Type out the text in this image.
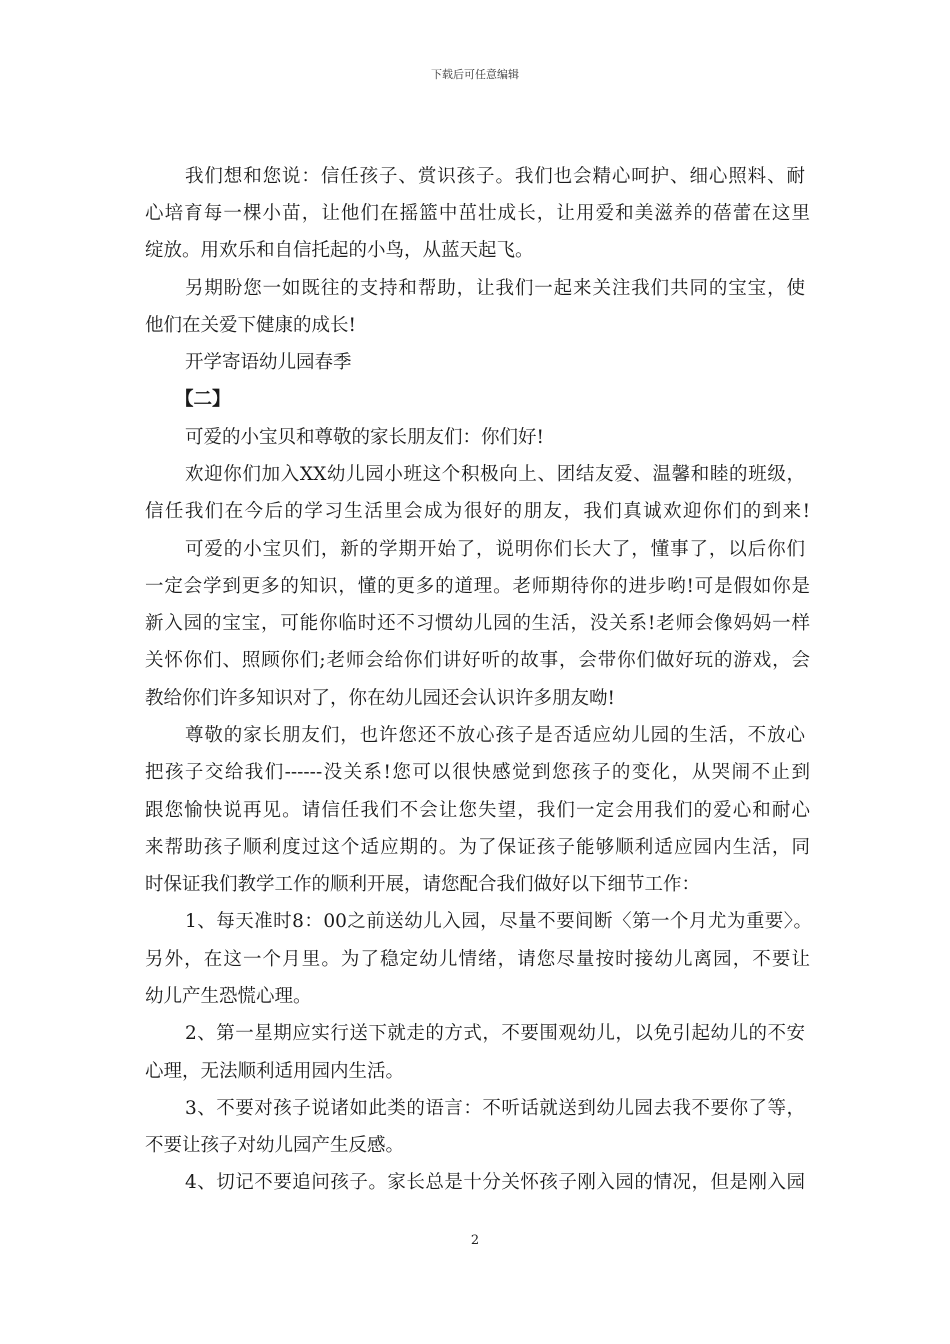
下载后可任意编辑
我们想和您说：信任孩子、赏识孩子。我们也会精心呵护、细心照料、耐
心培育每一棵小苗，让他们在摇篮中茁壮成长，让用爱和美滋养的蓓蕾在这里
绽放。用欢乐和自信托起的小鸟，从蓝天起飞。
另期盼您一如既往的支持和帮助，让我们一起来关注我们共同的宝宝，使
他们在关爱下健康的成长!
开学寄语幼儿园春季
【二】
可爱的小宝贝和尊敬的家长朋友们：你们好!
欢迎你们加入XX幼儿园小班这个积极向上、团结友爱、温馨和睦的班级，
信任我们在今后的学习生活里会成为很好的朋友，我们真诚欢迎你们的到来!
可爱的小宝贝们，新的学期开始了，说明你们长大了，懂事了，以后你们
一定会学到更多的知识，懂的更多的道理。老师期待你的进步哟!可是假如你是
新入园的宝宝，可能你临时还不习惯幼儿园的生活，没关系!老师会像妈妈一样
关怀你们、照顾你们;老师会给你们讲好听的故事，会带你们做好玩的游戏，会
教给你们许多知识对了，你在幼儿园还会认识许多朋友呦!
尊敬的家长朋友们，也许您还不放心孩子是否适应幼儿园的生活，不放心
把孩子交给我们------没关系!您可以很快感觉到您孩子的变化，从哭闹不止到
跟您愉快说再见。请信任我们不会让您失望，我们一定会用我们的爱心和耐心
来帮助孩子顺利度过这个适应期的。为了保证孩子能够顺利适应园内生活，同
时保证我们教学工作的顺利开展，请您配合我们做好以下细节工作：
1、每天准时8：00之前送幼儿入园，尽量不要间断〈第一个月尤为重要〉。
另外，在这一个月里。为了稳定幼儿情绪，请您尽量按时接幼儿离园，不要让
幼儿产生恐慌心理。
2、第一星期应实行送下就走的方式，不要围观幼儿，以免引起幼儿的不安
心理，无法顺利适用园内生活。
3、不要对孩子说诸如此类的语言：不听话就送到幼儿园去我不要你了等，
不要让孩子对幼儿园产生反感。
4、切记不要追问孩子。家长总是十分关怀孩子刚入园的情况，但是刚入园
2
